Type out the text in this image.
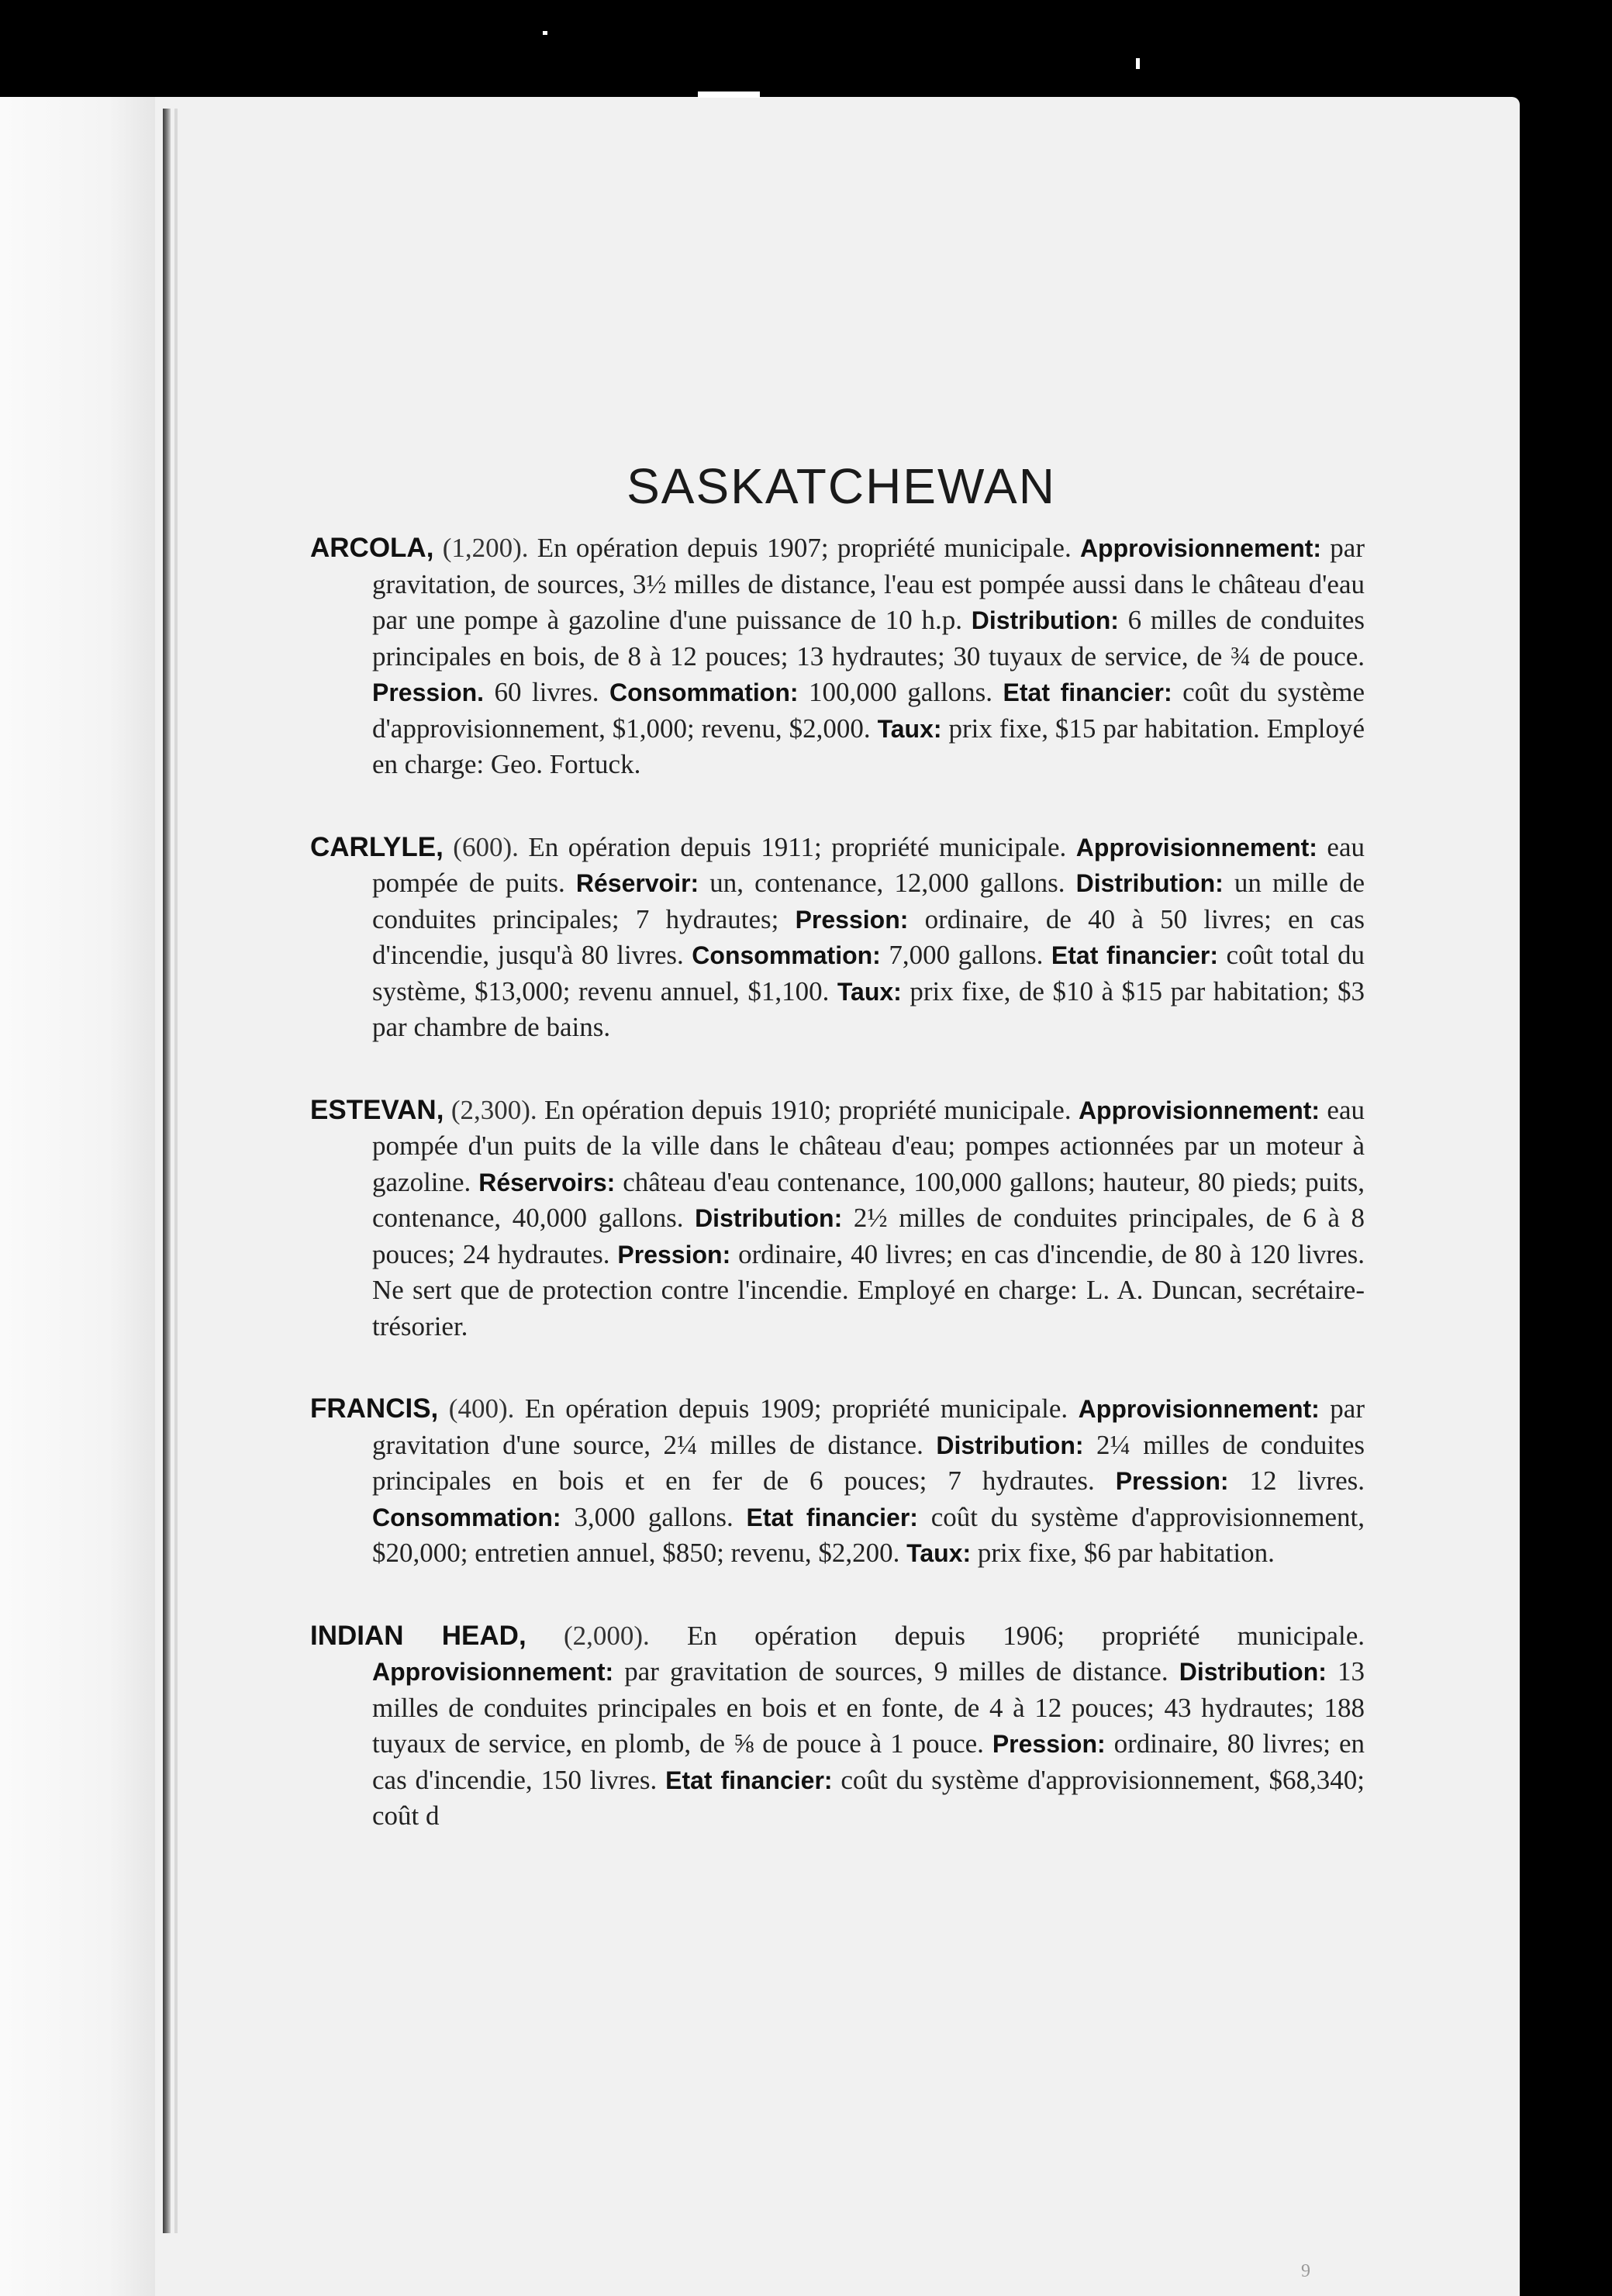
SASKATCHEWAN

ARCOLA, (1,200). En opération depuis 1907; propriété municipale. Approvisionnement: par gravitation, de sources, 3½ milles de distance, l'eau est pompée aussi dans le château d'eau par une pompe à gazoline d'une puissance de 10 h.p. Distribution: 6 milles de conduites principales en bois, de 8 à 12 pouces; 13 hydrautes; 30 tuyaux de service, de ¾ de pouce. Pression. 60 livres. Consommation: 100,000 gallons. Etat financier: coût du système d'approvisionnement, $1,000; revenu, $2,000. Taux: prix fixe, $15 par habitation. Employé en charge: Geo. Fortuck.

CARLYLE, (600). En opération depuis 1911; propriété municipale. Approvisionnement: eau pompée de puits. Réservoir: un, contenance, 12,000 gallons. Distribution: un mille de conduites principales; 7 hydrautes; Pression: ordinaire, de 40 à 50 livres; en cas d'incendie, jusqu'à 80 livres. Consommation: 7,000 gallons. Etat financier: coût total du système, $13,000; revenu annuel, $1,100. Taux: prix fixe, de $10 à $15 par habitation; $3 par chambre de bains.

ESTEVAN, (2,300). En opération depuis 1910; propriété municipale. Approvisionnement: eau pompée d'un puits de la ville dans le château d'eau; pompes actionnées par un moteur à gazoline. Réservoirs: château d'eau contenance, 100,000 gallons; hauteur, 80 pieds; puits, contenance, 40,000 gallons. Distribution: 2½ milles de conduites principales, de 6 à 8 pouces; 24 hydrautes. Pression: ordinaire, 40 livres; en cas d'incendie, de 80 à 120 livres. Ne sert que de protection contre l'incendie. Employé en charge: L. A. Duncan, secrétaire-trésorier.

FRANCIS, (400). En opération depuis 1909; propriété municipale. Approvisionnement: par gravitation d'une source, 2¼ milles de distance. Distribution: 2¼ milles de conduites principales en bois et en fer de 6 pouces; 7 hydrautes. Pression: 12 livres. Consommation: 3,000 gallons. Etat financier: coût du système d'approvisionnement, $20,000; entretien annuel, $850; revenu, $2,200. Taux: prix fixe, $6 par habitation.

INDIAN HEAD, (2,000). En opération depuis 1906; propriété municipale. Approvisionnement: par gravitation de sources, 9 milles de distance. Distribution: 13 milles de conduites principales en bois et en fonte, de 4 à 12 pouces; 43 hydrautes; 188 tuyaux de service, en plomb, de ⅝ de pouce à 1 pouce. Pression: ordinaire, 80 livres; en cas d'incendie, 150 livres. Etat financier: coût du système d'approvisionnement, $68,340; coût d

9
